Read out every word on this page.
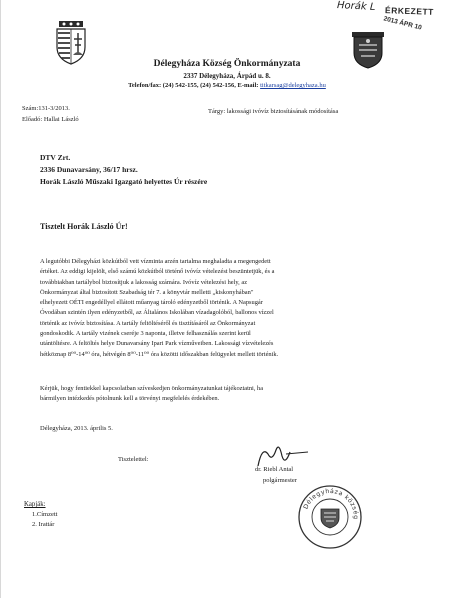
Horák L ÉRKEZETT
2013 ÁPR 10
Délegyháza Község Önkormányzata
2337 Délegyháza, Árpád u. 8.
Telefon/fax: (24) 542-155, (24) 542-156, E-mail: titkarsag@delegyhaza.hu
Szám:131-3/2013.
Előadó: Hallai László
Tárgy: lakossági ivóvíz biztosításának módosítása
DTV Zrt.
2336 Dunavarsány, 36/17 hrsz.
Horák László Műszaki Igazgató helyettes Úr részére
Tisztelt Horák László Úr!
A legutóbbi Délegyházi közkútból vett vízminta arzén tartalma meghaladta a megengedett
értéket. Az eddigi kijelölt, első számú közkútból történő ivóvíz vételezést beszüntetjük, és a
továbbiakban tartálybol biztosítjuk a lakosság számára. Ivóvíz vételezési hely, az
Önkormányzat által biztosított Szabadság tér 7. a könyvtár melletti „kiskonyhában"
elhelyezett OÉTI engedéllyel ellátott műanyag tároló edényzetből történik. A Napsugár
Óvodában szintén ilyen edényzetből, az Általános Iskolában vízadagolóból, ballonos vízzel
történik az ivóvíz biztosítása. A tartály feltöltéséről és tisztításáról az Önkormányzat
gondoskodik. A tartály vizének cseréje 3 naponta, illetve felhasználás szerint kerül
utántöltésre. A feltöltés helye Dunavarsány Ipari Park vízműveiben. Lakossági vízvételezés
hétköznap 8⁰⁰-14⁰⁰ óra, hétvégén 8⁰⁰-11⁰⁰ óra közötti időszakban felügyelet mellett történik.
Kérjük, hogy fentiekkel kapcsolatban szíveskedjen önkormányzatunkat tájékoztatni, ha
bármilyen intézkedés pótolnunk kell a törvényi megfelelés érdekében.
Délegyháza, 2013. április 5.
Tisztelettel:
dr. Riebl Antal
polgármester
Délegyháza község
Kapják:
1.Címzett
2. Irattár
